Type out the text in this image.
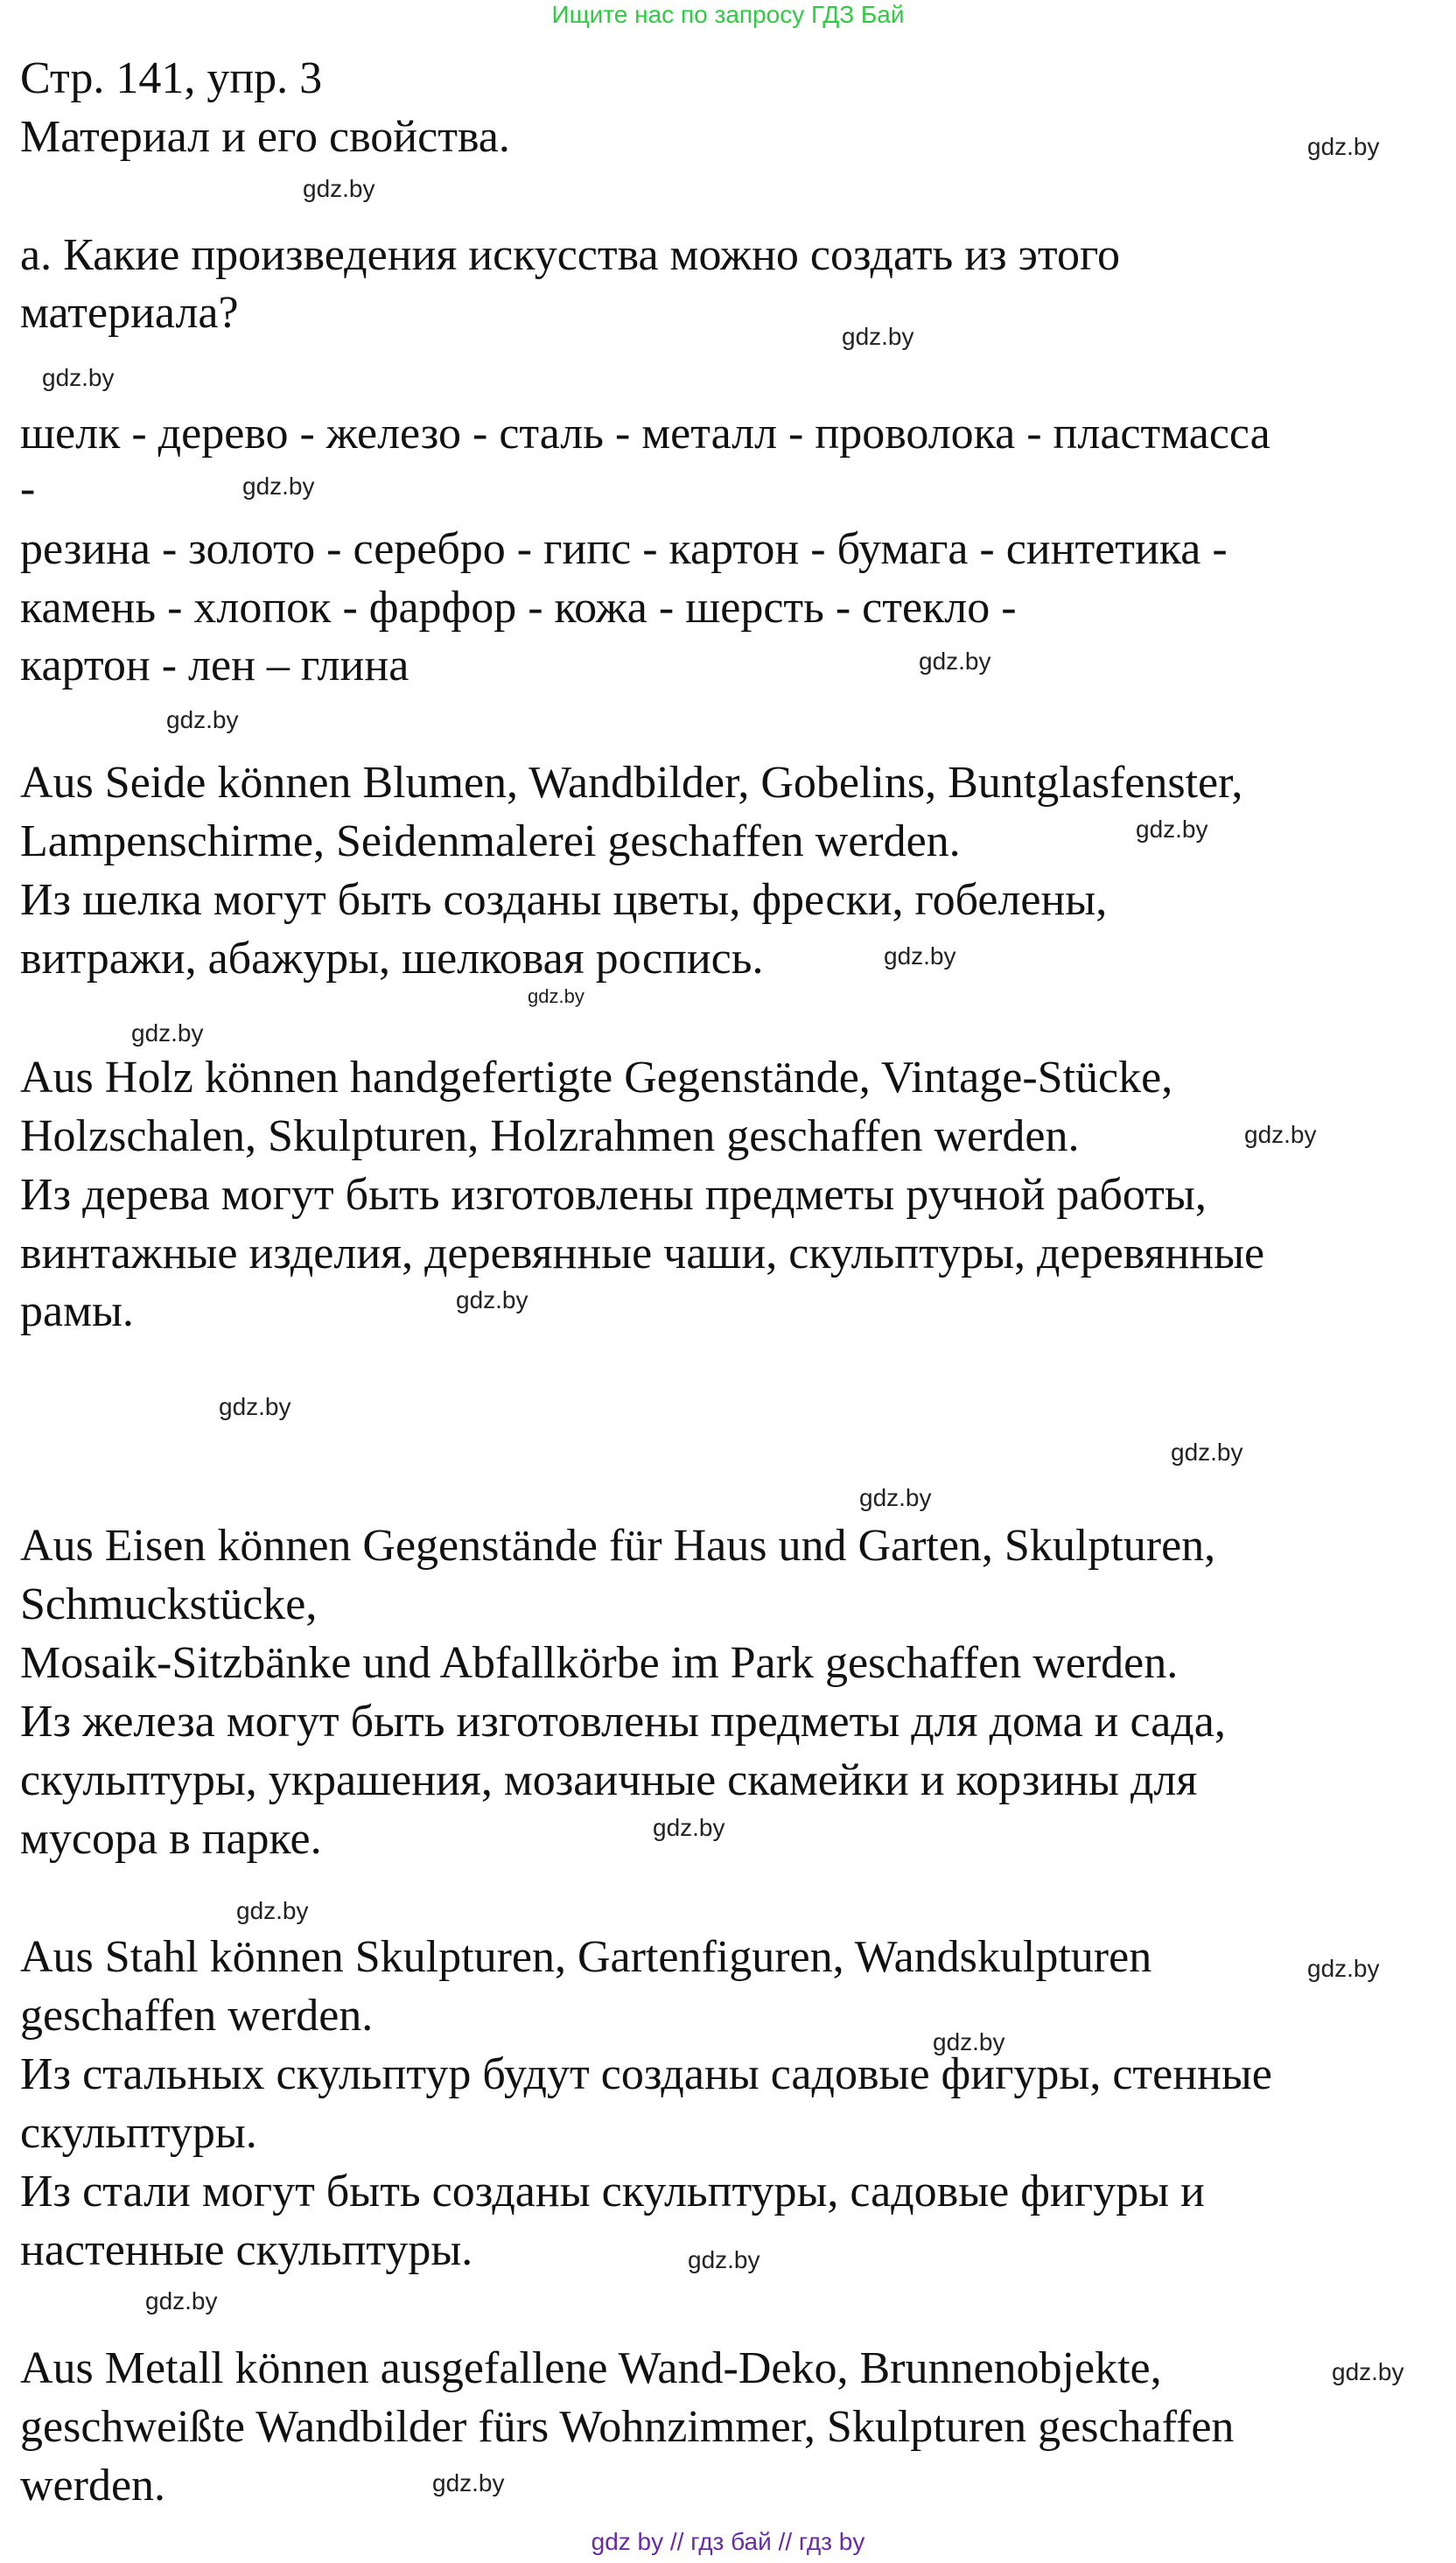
Ищите нас по запросу ГДЗ Бай
Стр. 141, упр. 3
Материал и его свойства.
a. Какие произведения искусства можно создать из этого
материала?
шелк - дерево - железо - сталь - металл - проволока - пластмасса
-
резина - золото - серебро - гипс - картон - бумага - синтетика -
камень - хлопок - фарфор - кожа - шерсть - стекло -
картон - лен – глина
Aus Seide können Blumen, Wandbilder, Gobelins, Buntglasfenster,
Lampenschirme, Seidenmalerei geschaffen werden.
Из шелка могут быть созданы цветы, фрески, гобелены,
витражи, абажуры, шелковая роспись.
Aus Holz können handgefertigte Gegenstände, Vintage-Stücke,
Holzschalen, Skulpturen, Holzrahmen geschaffen werden.
Из дерева могут быть изготовлены предметы ручной работы,
винтажные изделия, деревянные чаши, скульптуры, деревянные
рамы.
Aus Eisen können Gegenstände für Haus und Garten, Skulpturen,
Schmuckstücke,
Mosaik-Sitzbänke und Abfallkörbe im Park geschaffen werden.
Из железа могут быть изготовлены предметы для дома и сада,
скульптуры, украшения, мозаичные скамейки и корзины для
мусора в парке.
Aus Stahl können Skulpturen, Gartenfiguren, Wandskulpturen
geschaffen werden.
Из стальных скульптур будут созданы садовые фигуры, стенные
скульптуры.
Из стали могут быть созданы скульптуры, садовые фигуры и
настенные скульптуры.
Aus Metall können ausgefallene Wand-Deko, Brunnenobjekte,
geschweißte Wandbilder fürs Wohnzimmer, Skulpturen geschaffen
werden.
gdz.by
gdz.by
gdz.by
gdz.by
gdz.by
gdz.by
gdz.by
gdz.by
gdz.by
gdz.by
gdz.by
gdz.by
gdz.by
gdz.by
gdz.by
gdz.by
gdz.by
gdz.by
gdz.by
gdz.by
gdz.by
gdz.by
gdz.by
gdz.by
gdz by // гдз бай // гдз by
